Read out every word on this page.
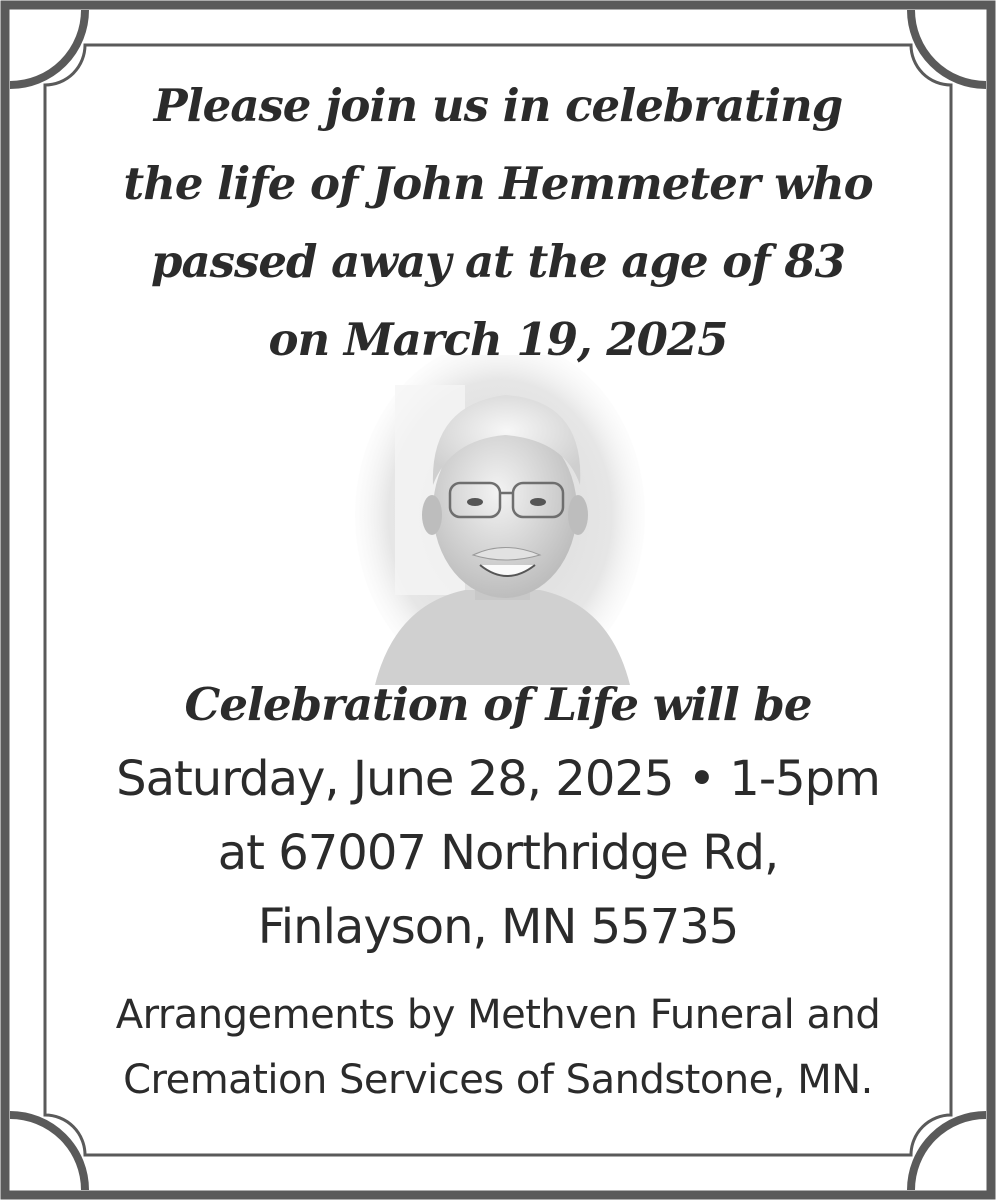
Please join us in celebrating
the life of John Hemmeter who
passed away at the age of 83
on March 19, 2025
Celebration of Life will be
Saturday, June 28, 2025 • 1-5pm
at 67007 Northridge Rd,
Finlayson, MN 55735
Arrangements by Methven Funeral and
Cremation Services of Sandstone, MN.
